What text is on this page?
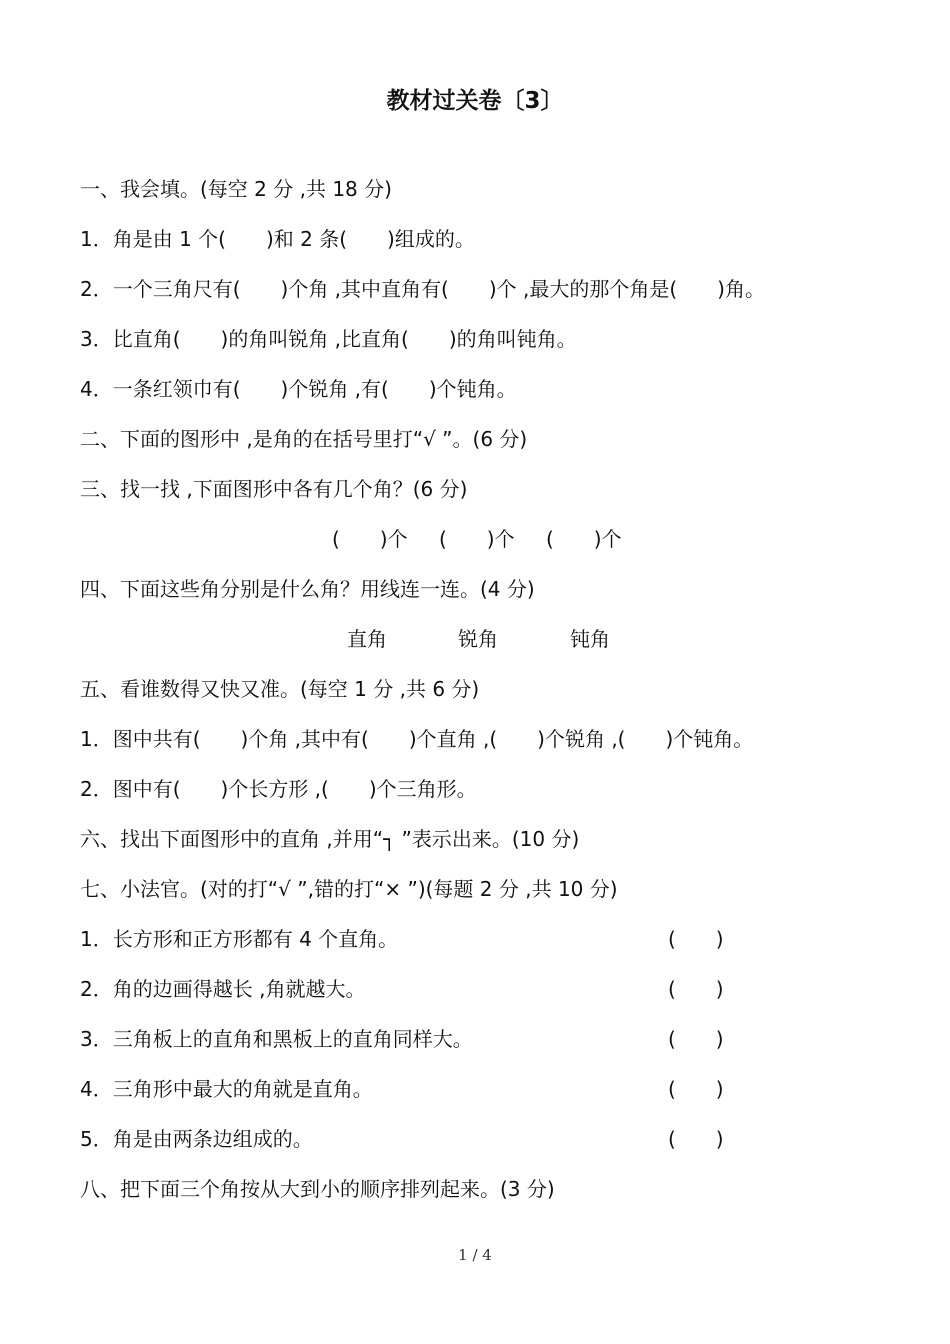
教材过关卷〔3〕
一、我会填。(每空 2 分 ,共 18 分)
1．角是由 1 个(　　)和 2 条(　　)组成的。
2．一个三角尺有(　　)个角 ,其中直角有(　　)个 ,最大的那个角是(　　)角。
3．比直角(　　)的角叫锐角 ,比直角(　　)的角叫钝角。
4．一条红领巾有(　　)个锐角 ,有(　　)个钝角。
二、下面的图形中 ,是角的在括号里打“√ ”。(6 分)
三、找一找 ,下面图形中各有几个角？(6 分)
(　　)个 (　　)个 (　　)个
四、下面这些角分别是什么角？用线连一连。(4 分)
直角	锐角	钝角
五、看谁数得又快又准。(每空 1 分 ,共 6 分)
1．图中共有(　　)个角 ,其中有(　　)个直角 ,(　　)个锐角 ,(　　)个钝角。
2．图中有(　　)个长方形 ,(　　)个三角形。
六、找出下面图形中的直角 ,并用“┐ ”表示出来。(10 分)
七、小法官。(对的打“√ ”,错的打“× ”)(每题 2 分 ,共 10 分)
1．长方形和正方形都有 4 个直角。	(　　)
2．角的边画得越长 ,角就越大。	(　　)
3．三角板上的直角和黑板上的直角同样大。	(　　)
4．三角形中最大的角就是直角。	(　　)
5．角是由两条边组成的。	(　　)
八、把下面三个角按从大到小的顺序排列起来。(3 分)
1 / 4
